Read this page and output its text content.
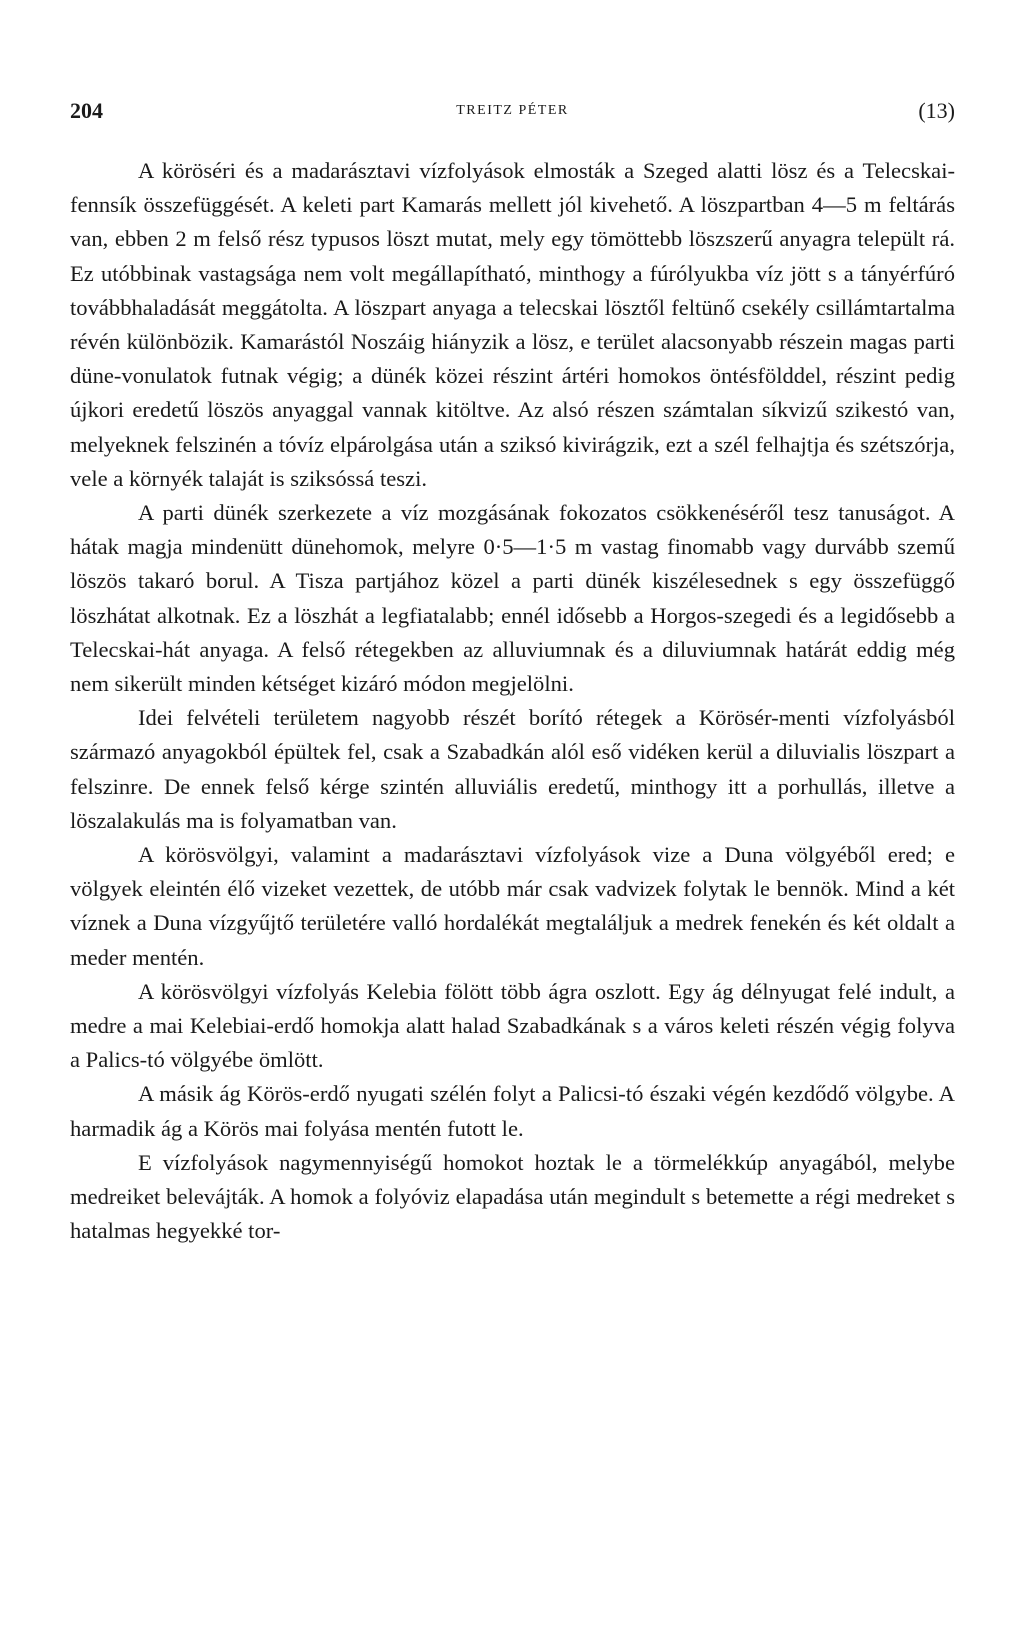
204	TREITZ PÉTER	(13)

A köröséri és a madarásztavi vízfolyások elmosták a Szeged alatti lösz és a Telecskai-fennsík összefüggését. A keleti part Kamarás mellett jól kivehető. A löszpartban 4—5 m feltárás van, ebben 2 m felső rész typusos löszt mutat, mely egy tömöttebb löszszerű anyagra települt rá. Ez utóbbinak vastagsága nem volt megállapítható, minthogy a fúrólyukba víz jött s a tányérfúró továbbhaladását meggátolta. A löszpart anyaga a telecskai lösztől feltünő csekély csillámtartalma révén különbözik. Kamarástól Noszáig hiányzik a lösz, e terület alacsonyabb részein magas parti düne-vonulatok futnak végig; a dünék közei részint ártéri homokos öntésfölddel, részint pedig újkori eredetű löszös anyaggal vannak kitöltve. Az alsó részen számtalan síkvizű szikestó van, melyeknek felszinén a tóvíz elpárolgása után a sziksó kivirágzik, ezt a szél felhajtja és szétszórja, vele a környék talaját is sziksóssá teszi.

A parti dünék szerkezete a víz mozgásának fokozatos csökkenéséről tesz tanuságot. A hátak magja mindenütt dünehomok, melyre 0·5—1·5 m vastag finomabb vagy durvább szemű löszös takaró borul. A Tisza partjához közel a parti dünék kiszélesednek s egy összefüggő löszhátat alkotnak. Ez a löszhát a legfiatalabb; ennél idősebb a Horgos-szegedi és a legidősebb a Telecskai-hát anyaga. A felső rétegekben az alluviumnak és a diluviumnak határát eddig még nem sikerült minden kétséget kizáró módon megjelölni.

Idei felvételi területem nagyobb részét borító rétegek a Körösér-menti vízfolyásból származó anyagokból épültek fel, csak a Szabadkán alól eső vidéken kerül a diluvialis löszpart a felszinre. De ennek felső kérge szintén alluviális eredetű, minthogy itt a porhullás, illetve a löszalakulás ma is folyamatban van.

A körösvölgyi, valamint a madarásztavi vízfolyások vize a Duna völgyéből ered; e völgyek eleintén élő vizeket vezettek, de utóbb már csak vadvizek folytak le bennök. Mind a két víznek a Duna vízgyűjtő területére valló hordalékát megtaláljuk a medrek fenekén és két oldalt a meder mentén.

A körösvölgyi vízfolyás Kelebia fölött több ágra oszlott. Egy ág délnyugat felé indult, a medre a mai Kelebiai-erdő homokja alatt halad Szabadkának s a város keleti részén végig folyva a Palics-tó völgyébe ömlött.

A másik ág Körös-erdő nyugati szélén folyt a Palicsi-tó északi végén kezdődő völgybe. A harmadik ág a Körös mai folyása mentén futott le.

E vízfolyások nagymennyiségű homokot hoztak le a törmelékkúp anyagából, melybe medreiket belevájták. A homok a folyóviz elapadása után megindult s betemette a régi medreket s hatalmas hegyekké tor-
